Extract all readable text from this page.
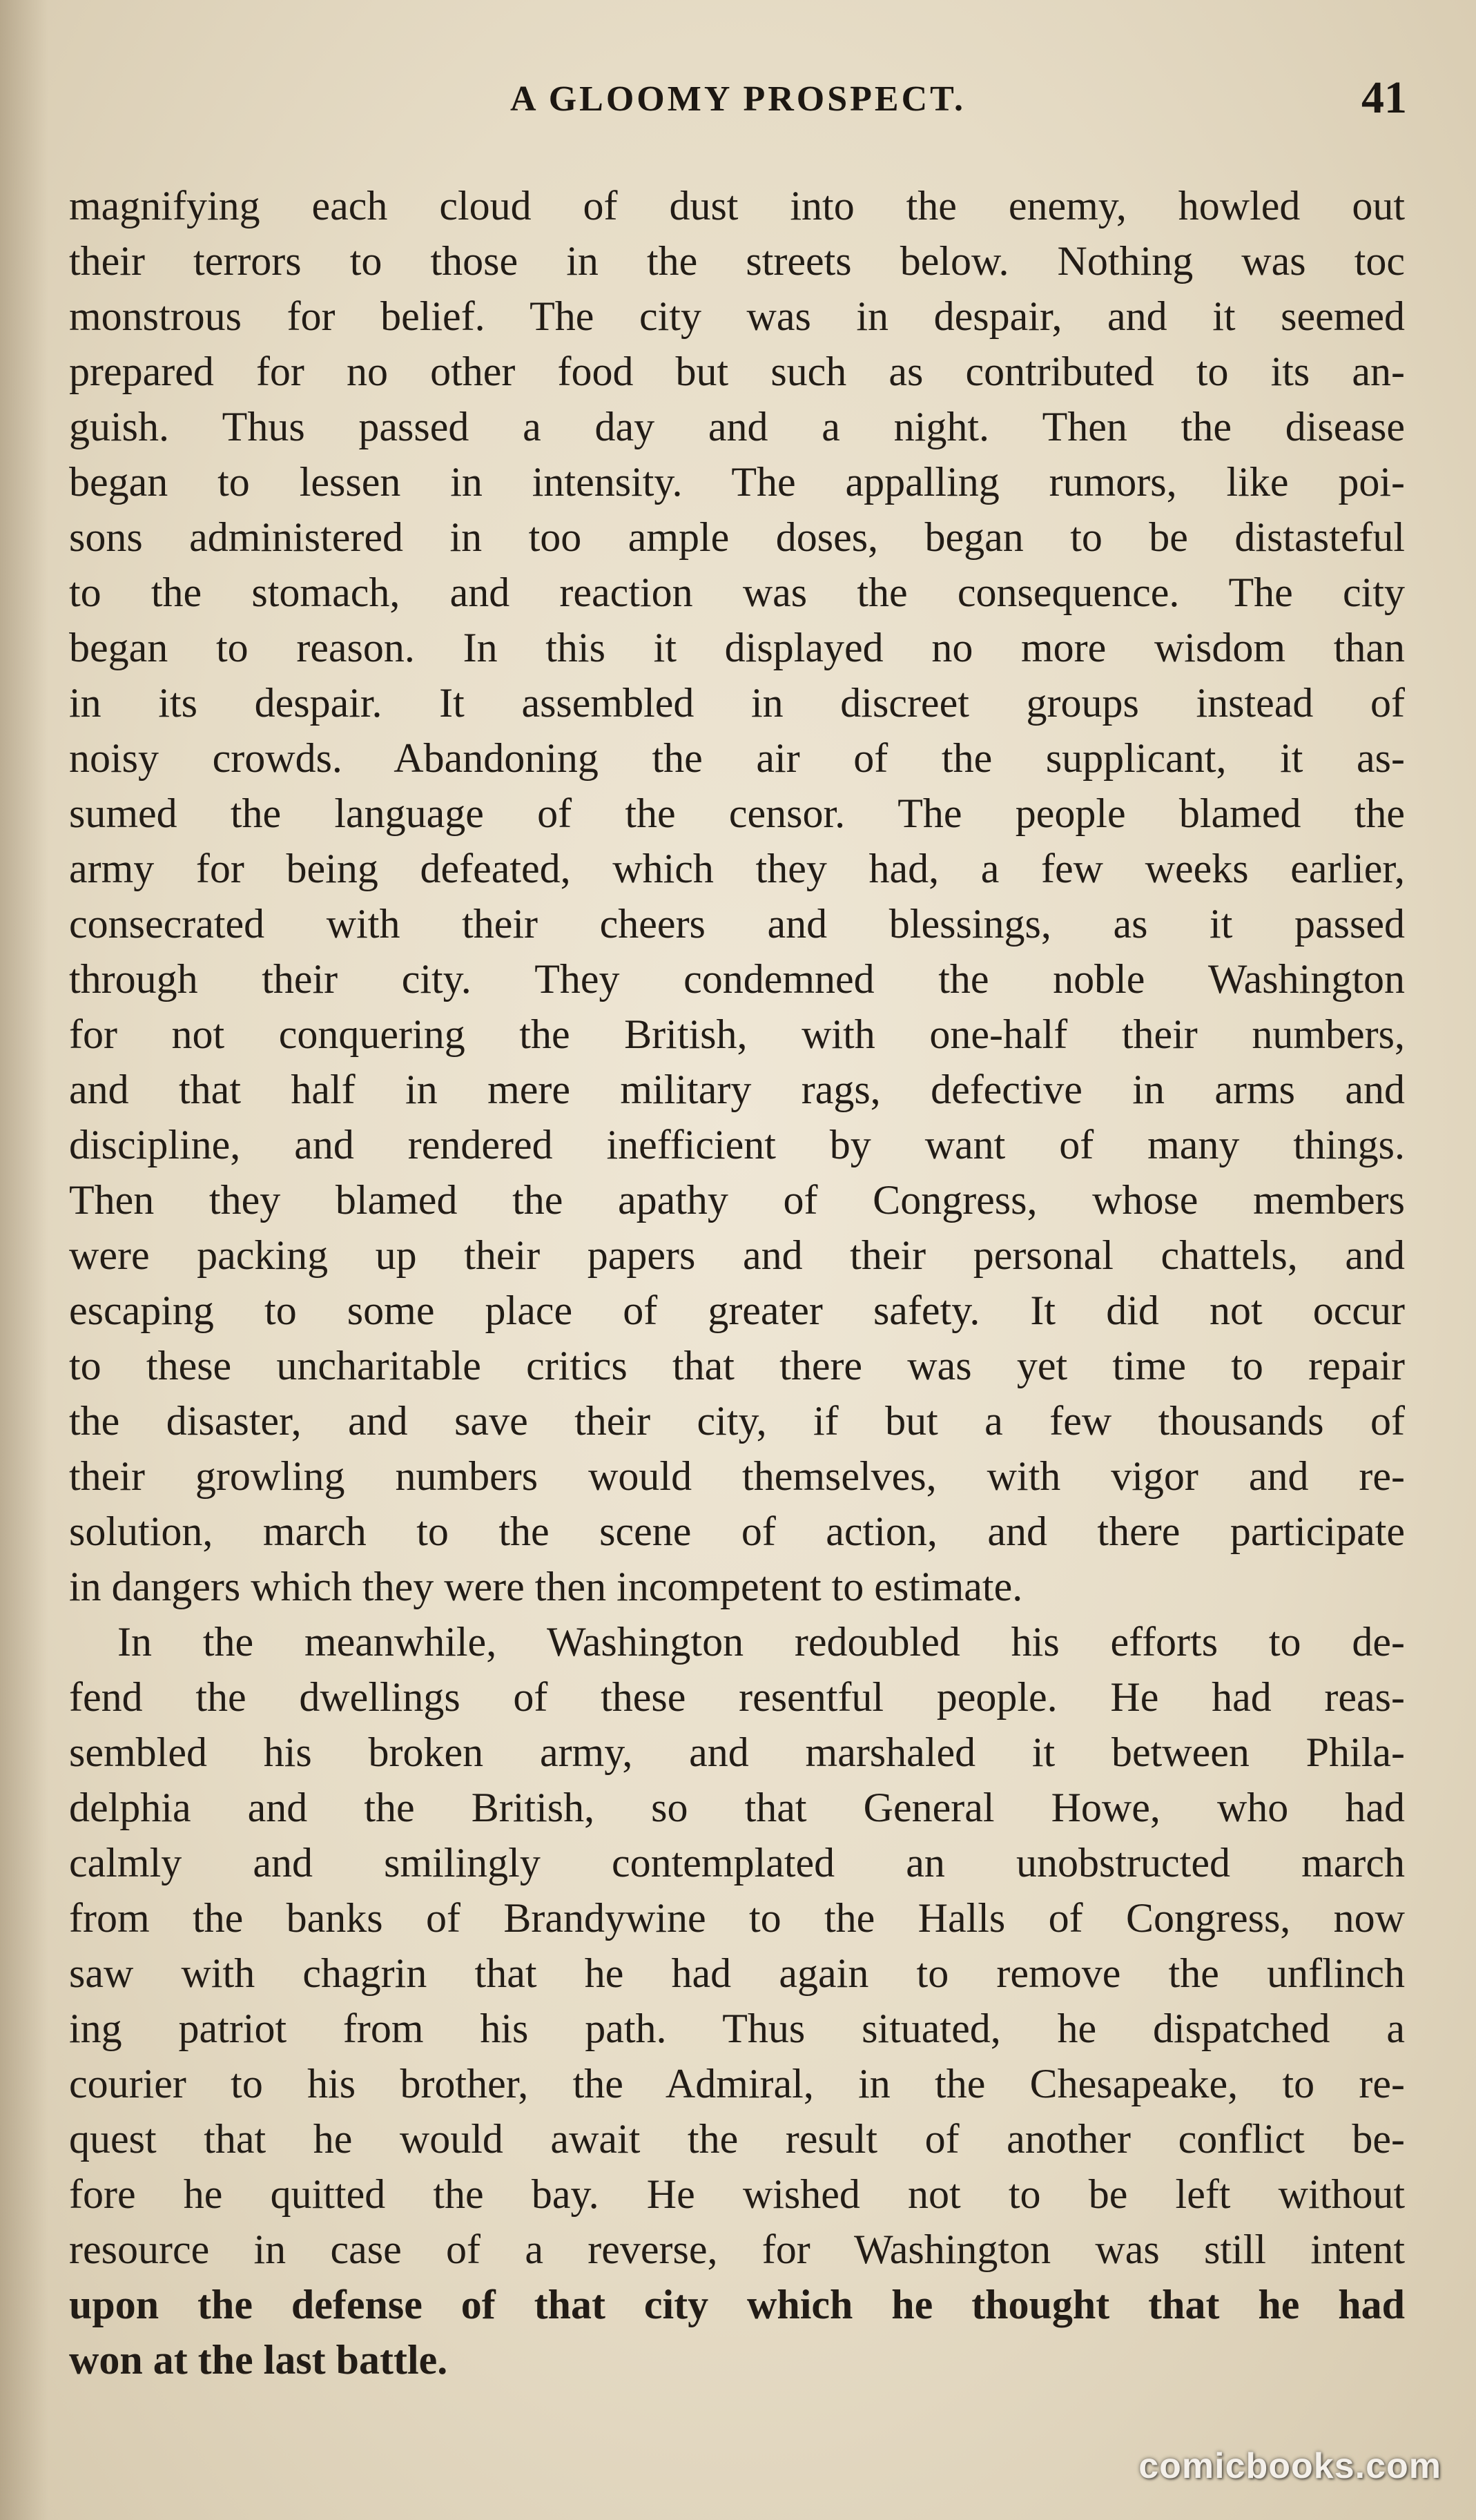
A GLOOMY PROSPECT.	41
magnifying each cloud of dust into the enemy, howled out
their terrors to those in the streets below. Nothing was toc
monstrous for belief. The city was in despair, and it seemed
prepared for no other food but such as contributed to its an-
guish. Thus passed a day and a night. Then the disease
began to lessen in intensity. The appalling rumors, like poi-
sons administered in too ample doses, began to be distasteful
to the stomach, and reaction was the consequence. The city
began to reason. In this it displayed no more wisdom than
in its despair. It assembled in discreet groups instead of
noisy crowds. Abandoning the air of the supplicant, it as-
sumed the language of the censor. The people blamed the
army for being defeated, which they had, a few weeks earlier,
consecrated with their cheers and blessings, as it passed
through their city. They condemned the noble Washington
for not conquering the British, with one-half their numbers,
and that half in mere military rags, defective in arms and
discipline, and rendered inefficient by want of many things.
Then they blamed the apathy of Congress, whose members
were packing up their papers and their personal chattels, and
escaping to some place of greater safety. It did not occur
to these uncharitable critics that there was yet time to repair
the disaster, and save their city, if but a few thousands of
their growling numbers would themselves, with vigor and re-
solution, march to the scene of action, and there participate
in dangers which they were then incompetent to estimate.
In the meanwhile, Washington redoubled his efforts to de-
fend the dwellings of these resentful people. He had reas-
sembled his broken army, and marshaled it between Phila-
delphia and the British, so that General Howe, who had
calmly and smilingly contemplated an unobstructed march
from the banks of Brandywine to the Halls of Congress, now
saw with chagrin that he had again to remove the unflinch
ing patriot from his path. Thus situated, he dispatched a
courier to his brother, the Admiral, in the Chesapeake, to re-
quest that he would await the result of another conflict be-
fore he quitted the bay. He wished not to be left without
resource in case of a reverse, for Washington was still intent
upon the defense of that city which he thought that he had
won at the last battle.
comicbooks.com
